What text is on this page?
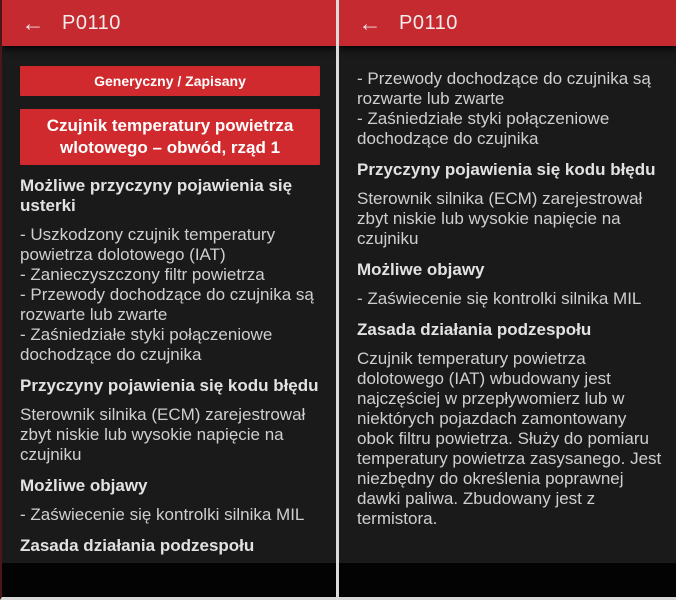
← P0110
Generyczny / Zapisany
Czujnik temperatury powietrza wlotowego – obwód, rząd 1
Możliwe przyczyny pojawienia się usterki
- Uszkodzony czujnik temperatury powietrza dolotowego (IAT)
- Zanieczyszczony filtr powietrza
- Przewody dochodzące do czujnika są rozwarte lub zwarte
- Zaśniedziałe styki połączeniowe dochodzące do czujnika
Przyczyny pojawienia się kodu błędu
Sterownik silnika (ECM) zarejestrował zbyt niskie lub wysokie napięcie na czujniku
Możliwe objawy
- Zaświecenie się kontrolki silnika MIL
Zasada działania podzespołu
← P0110
- Przewody dochodzące do czujnika są rozwarte lub zwarte
- Zaśniedziałe styki połączeniowe dochodzące do czujnika
Przyczyny pojawienia się kodu błędu
Sterownik silnika (ECM) zarejestrował zbyt niskie lub wysokie napięcie na czujniku
Możliwe objawy
- Zaświecenie się kontrolki silnika MIL
Zasada działania podzespołu
Czujnik temperatury powietrza dolotowego (IAT) wbudowany jest najczęściej w przepływomierz lub w niektórych pojazdach zamontowany obok filtru powietrza. Służy do pomiaru temperatury powietrza zasysanego. Jest niezbędny do określenia poprawnej dawki paliwa. Zbudowany jest z termistora.
